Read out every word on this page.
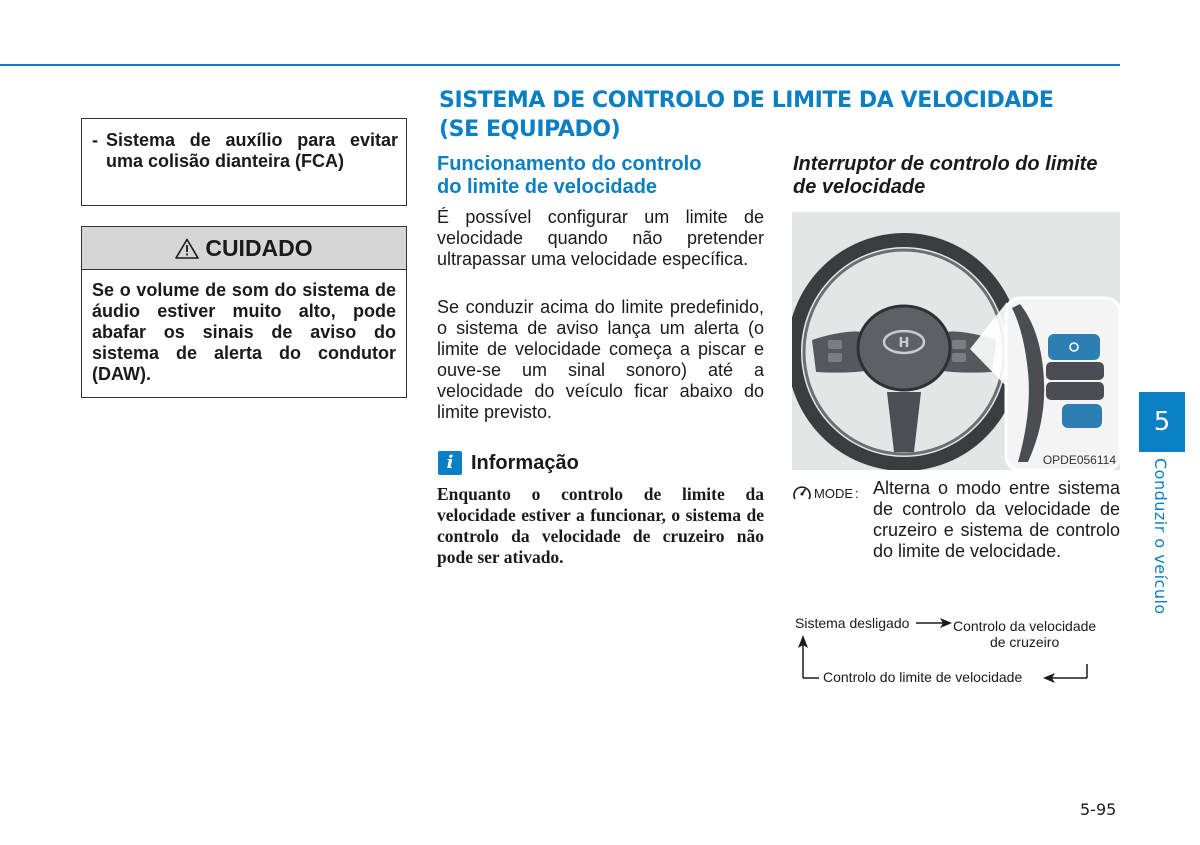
- Sistema de auxílio para evitar uma colisão dianteira (FCA)
CUIDADO
Se o volume de som do sistema de áudio estiver muito alto, pode abafar os sinais de aviso do sistema de alerta do condutor (DAW).
SISTEMA DE CONTROLO DE LIMITE DA VELOCIDADE
(SE EQUIPADO)
Funcionamento do controlo
do limite de velocidade
É possível configurar um limite de velocidade quando não pretender ultrapassar uma velocidade específica.
Se conduzir acima do limite predefinido, o sistema de aviso lança um alerta (o limite de velocidade começa a piscar e ouve-se um sinal sonoro) até a velocidade do veículo ficar abaixo do limite previsto.
i Informação
Enquanto o controlo de limite da velocidade estiver a funcionar, o sistema de controlo da velocidade de cruzeiro não pode ser ativado.
Interruptor de controlo do limite
de velocidade
H
OPDE056114
MODE : Alterna o modo entre sistema de controlo da velocidade de cruzeiro e sistema de controlo do limite de velocidade.
Sistema desligado	Controlo da velocidade
de cruzeiro
Controlo do limite de velocidade
5
Conduzir o veículo
5-95
